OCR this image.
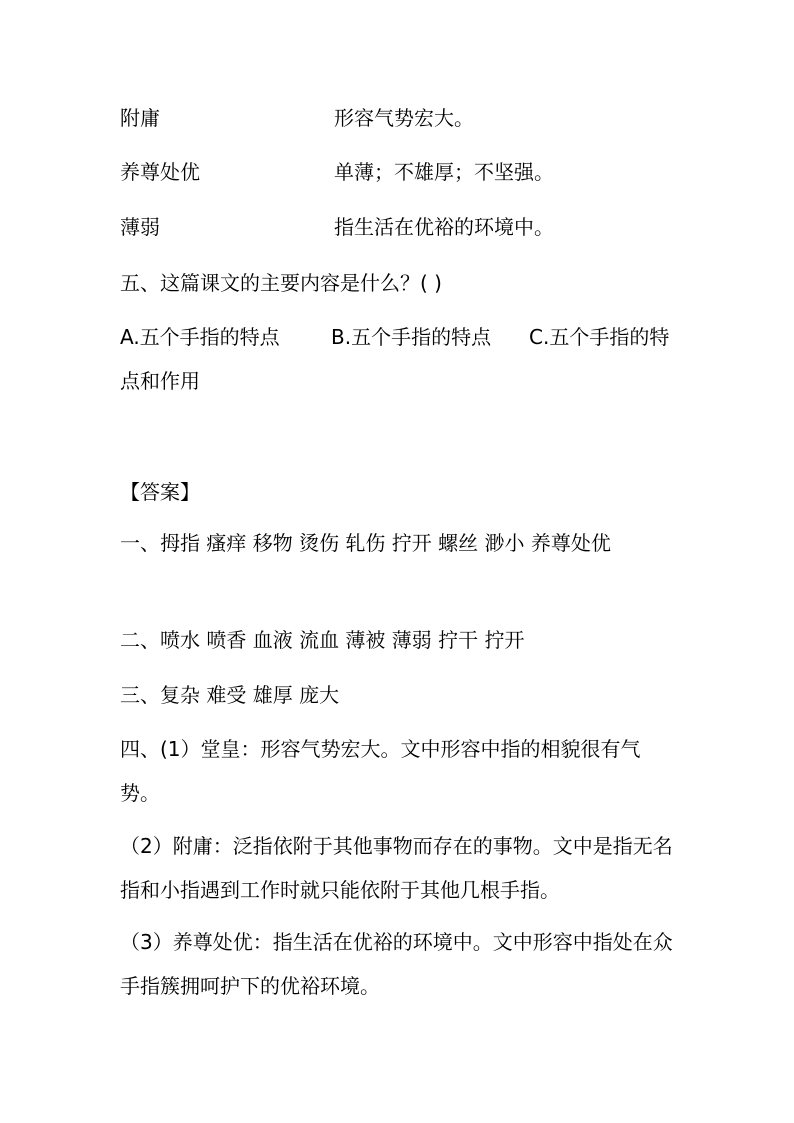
附庸	形容气势宏大。
养尊处优	单薄；不雄厚；不坚强。
薄弱	指生活在优裕的环境中。
五、这篇课文的主要内容是什么？( )
A.五个手指的特点	B.五个手指的特点 C.五个手指的特
点和作用
【答案】
一、拇指 瘙痒 移物 烫伤 轧伤 拧开 螺丝 渺小 养尊处优
二、喷水 喷香 血液 流血 薄被 薄弱 拧干 拧开
三、复杂 难受 雄厚 庞大
四、(1）堂皇：形容气势宏大。文中形容中指的相貌很有气势。
（2）附庸：泛指依附于其他事物而存在的事物。文中是指无名指和小指遇到工作时就只能依附于其他几根手指。
（3）养尊处优：指生活在优裕的环境中。文中形容中指处在众手指簇拥呵护下的优裕环境。
